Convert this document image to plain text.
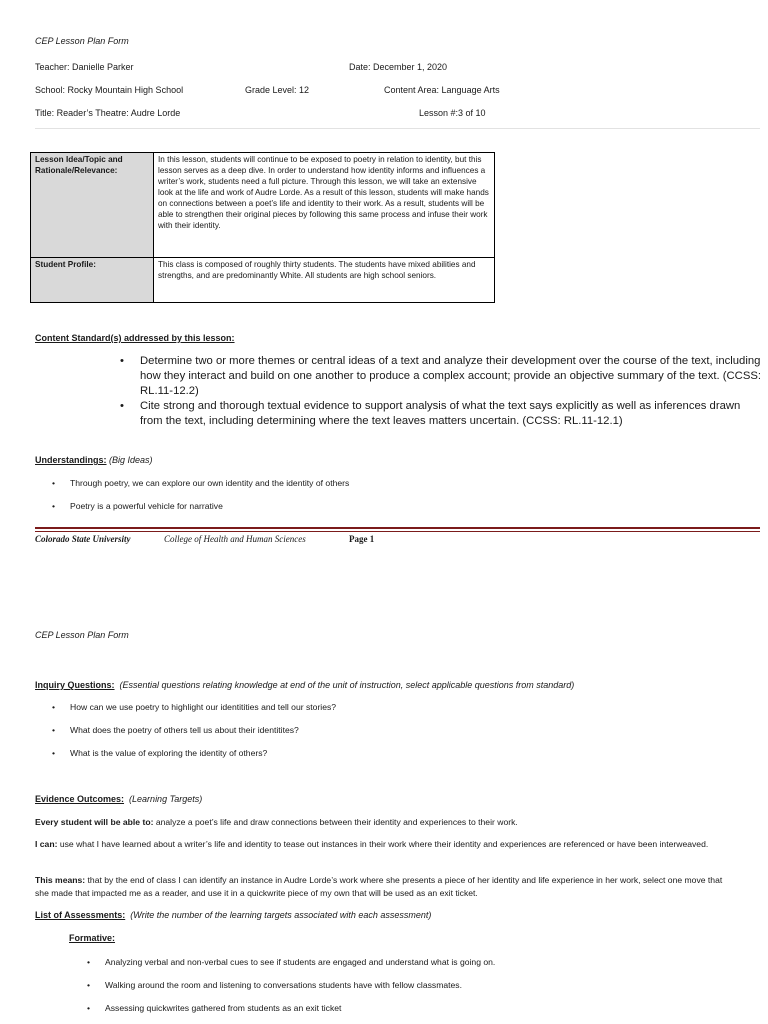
CEP Lesson Plan Form
Teacher: Danielle Parker	Date: December 1, 2020
School: Rocky Mountain High School	Grade Level: 12	Content Area: Language Arts
Title: Reader’s Theatre: Audre Lorde	Lesson #:3 of 10
Lesson Idea/Topic and Rationale/Relevance:	In this lesson, students will continue to be exposed to poetry in relation to identity, but this lesson serves as a deep dive. In order to understand how identity informs and influences a writer’s work, students need a full picture. Through this lesson, we will take an extensive look at the life and work of Audre Lorde. As a result of this lesson, students will make hands on connections between a poet’s life and identity to their work. As a result, students will be able to strengthen their original pieces by following this same process and infuse their work with their identity.
Student Profile:	This class is composed of roughly thirty students. The students have mixed abilities and strengths, and are predominantly White. All students are high school seniors.
Content Standard(s) addressed by this lesson:
•	Determine two or more themes or central ideas of a text and analyze their development over the course of the text, including how they interact and build on one another to produce a complex account; provide an objective summary of the text. (CCSS: RL.11-12.2)
•	Cite strong and thorough textual evidence to support analysis of what the text says explicitly as well as inferences drawn from the text, including determining where the text leaves matters uncertain. (CCSS: RL.11-12.1)
Understandings: (Big Ideas)
• Through poetry, we can explore our own identity and the identity of others
• Poetry is a powerful vehicle for narrative
Colorado State University	College of Health and Human Sciences	Page 1
CEP Lesson Plan Form
Inquiry Questions: (Essential questions relating knowledge at end of the unit of instruction, select applicable questions from standard)
• How can we use poetry to highlight our identitities and tell our stories?
• What does the poetry of others tell us about their identitites?
• What is the value of exploring the identity of others?
Evidence Outcomes: (Learning Targets)
Every student will be able to: analyze a poet’s life and draw connections between their identity and experiences to their work.
I can: use what I have learned about a writer’s life and identity to tease out instances in their work where their identity and experiences are referenced or have been interweaved.
This means: that by the end of class I can identify an instance in Audre Lorde’s work where she presents a piece of her identity and life experience in her work, select one move that she made that impacted me as a reader, and use it in a quickwrite piece of my own that will be used as an exit ticket.
List of Assessments: (Write the number of the learning targets associated with each assessment)
Formative:
• Analyzing verbal and non-verbal cues to see if students are engaged and understand what is going on.
• Walking around the room and listening to conversations students have with fellow classmates.
• Assessing quickwrites gathered from students as an exit ticket
